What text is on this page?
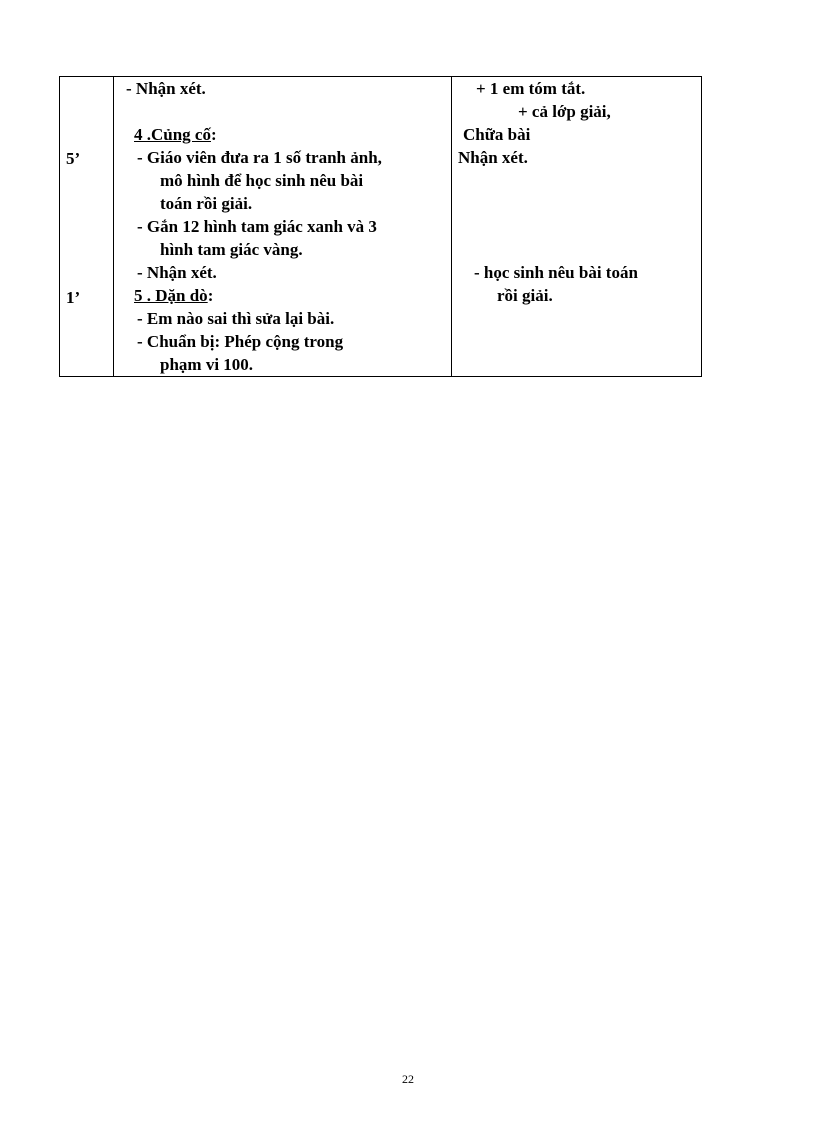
5’
1’
- Nhận xét.
4 .Củng cố:
- Giáo viên đưa ra 1 số tranh ảnh,
mô hình để học sinh nêu bài
toán rồi giải.
- Gắn 12 hình tam giác xanh và 3
hình tam giác vàng.
- Nhận xét.
5 . Dặn dò:
- Em nào sai thì sửa lại bài.
- Chuẩn bị: Phép cộng trong
phạm vi 100.
+ 1 em tóm tắt.
+ cả lớp giải,
Chữa bài
Nhận xét.
- học sinh nêu bài toán
rồi giải.
22
